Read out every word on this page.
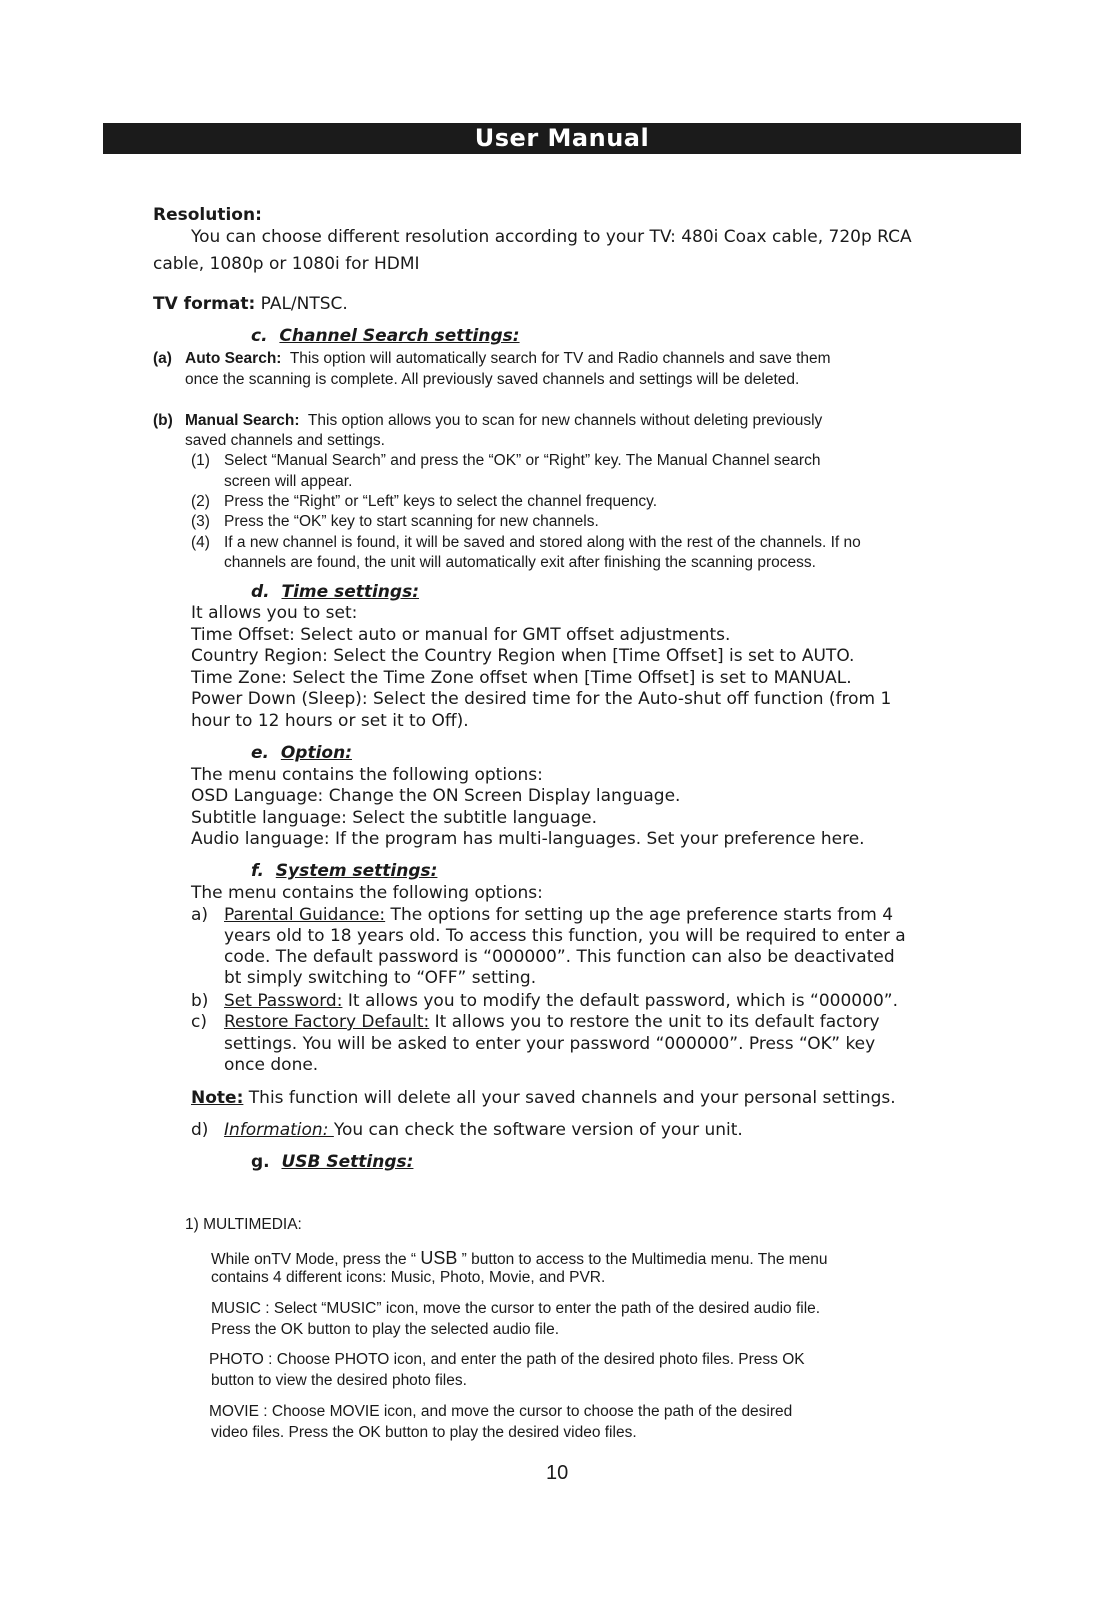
User Manual
Resolution:
You can choose different resolution according to your TV: 480i Coax cable, 720p RCA
cable, 1080p or 1080i for HDMI
TV format: PAL/NTSC.
c. Channel Search settings:
(a) Auto Search: This option will automatically search for TV and Radio channels and save them
once the scanning is complete. All previously saved channels and settings will be deleted.
(b) Manual Search: This option allows you to scan for new channels without deleting previously
saved channels and settings.
(1) Select “Manual Search” and press the “OK” or “Right” key. The Manual Channel search
screen will appear.
(2) Press the “Right” or “Left” keys to select the channel frequency.
(3) Press the “OK” key to start scanning for new channels.
(4) If a new channel is found, it will be saved and stored along with the rest of the channels. If no
channels are found, the unit will automatically exit after finishing the scanning process.
d. Time settings:
It allows you to set:
Time Offset: Select auto or manual for GMT offset adjustments.
Country Region: Select the Country Region when [Time Offset] is set to AUTO.
Time Zone: Select the Time Zone offset when [Time Offset] is set to MANUAL.
Power Down (Sleep): Select the desired time for the Auto-shut off function (from 1
hour to 12 hours or set it to Off).
e. Option:
The menu contains the following options:
OSD Language: Change the ON Screen Display language.
Subtitle language: Select the subtitle language.
Audio language: If the program has multi-languages. Set your preference here.
f. System settings:
The menu contains the following options:
a) Parental Guidance: The options for setting up the age preference starts from 4
years old to 18 years old. To access this function, you will be required to enter a
code. The default password is “000000”. This function can also be deactivated
bt simply switching to “OFF” setting.
b) Set Password: It allows you to modify the default password, which is “000000”.
c) Restore Factory Default: It allows you to restore the unit to its default factory
settings. You will be asked to enter your password “000000”. Press “OK” key
once done.
Note: This function will delete all your saved channels and your personal settings.
d) Information: You can check the software version of your unit.
g. USB Settings:
1) MULTIMEDIA:
While onTV Mode, press the “ USB ” button to access to the Multimedia menu. The menu
contains 4 different icons: Music, Photo, Movie, and PVR.
MUSIC : Select “MUSIC” icon, move the cursor to enter the path of the desired audio file.
Press the OK button to play the selected audio file.
PHOTO : Choose PHOTO icon, and enter the path of the desired photo files. Press OK
button to view the desired photo files.
MOVIE : Choose MOVIE icon, and move the cursor to choose the path of the desired
video files. Press the OK button to play the desired video files.
10
